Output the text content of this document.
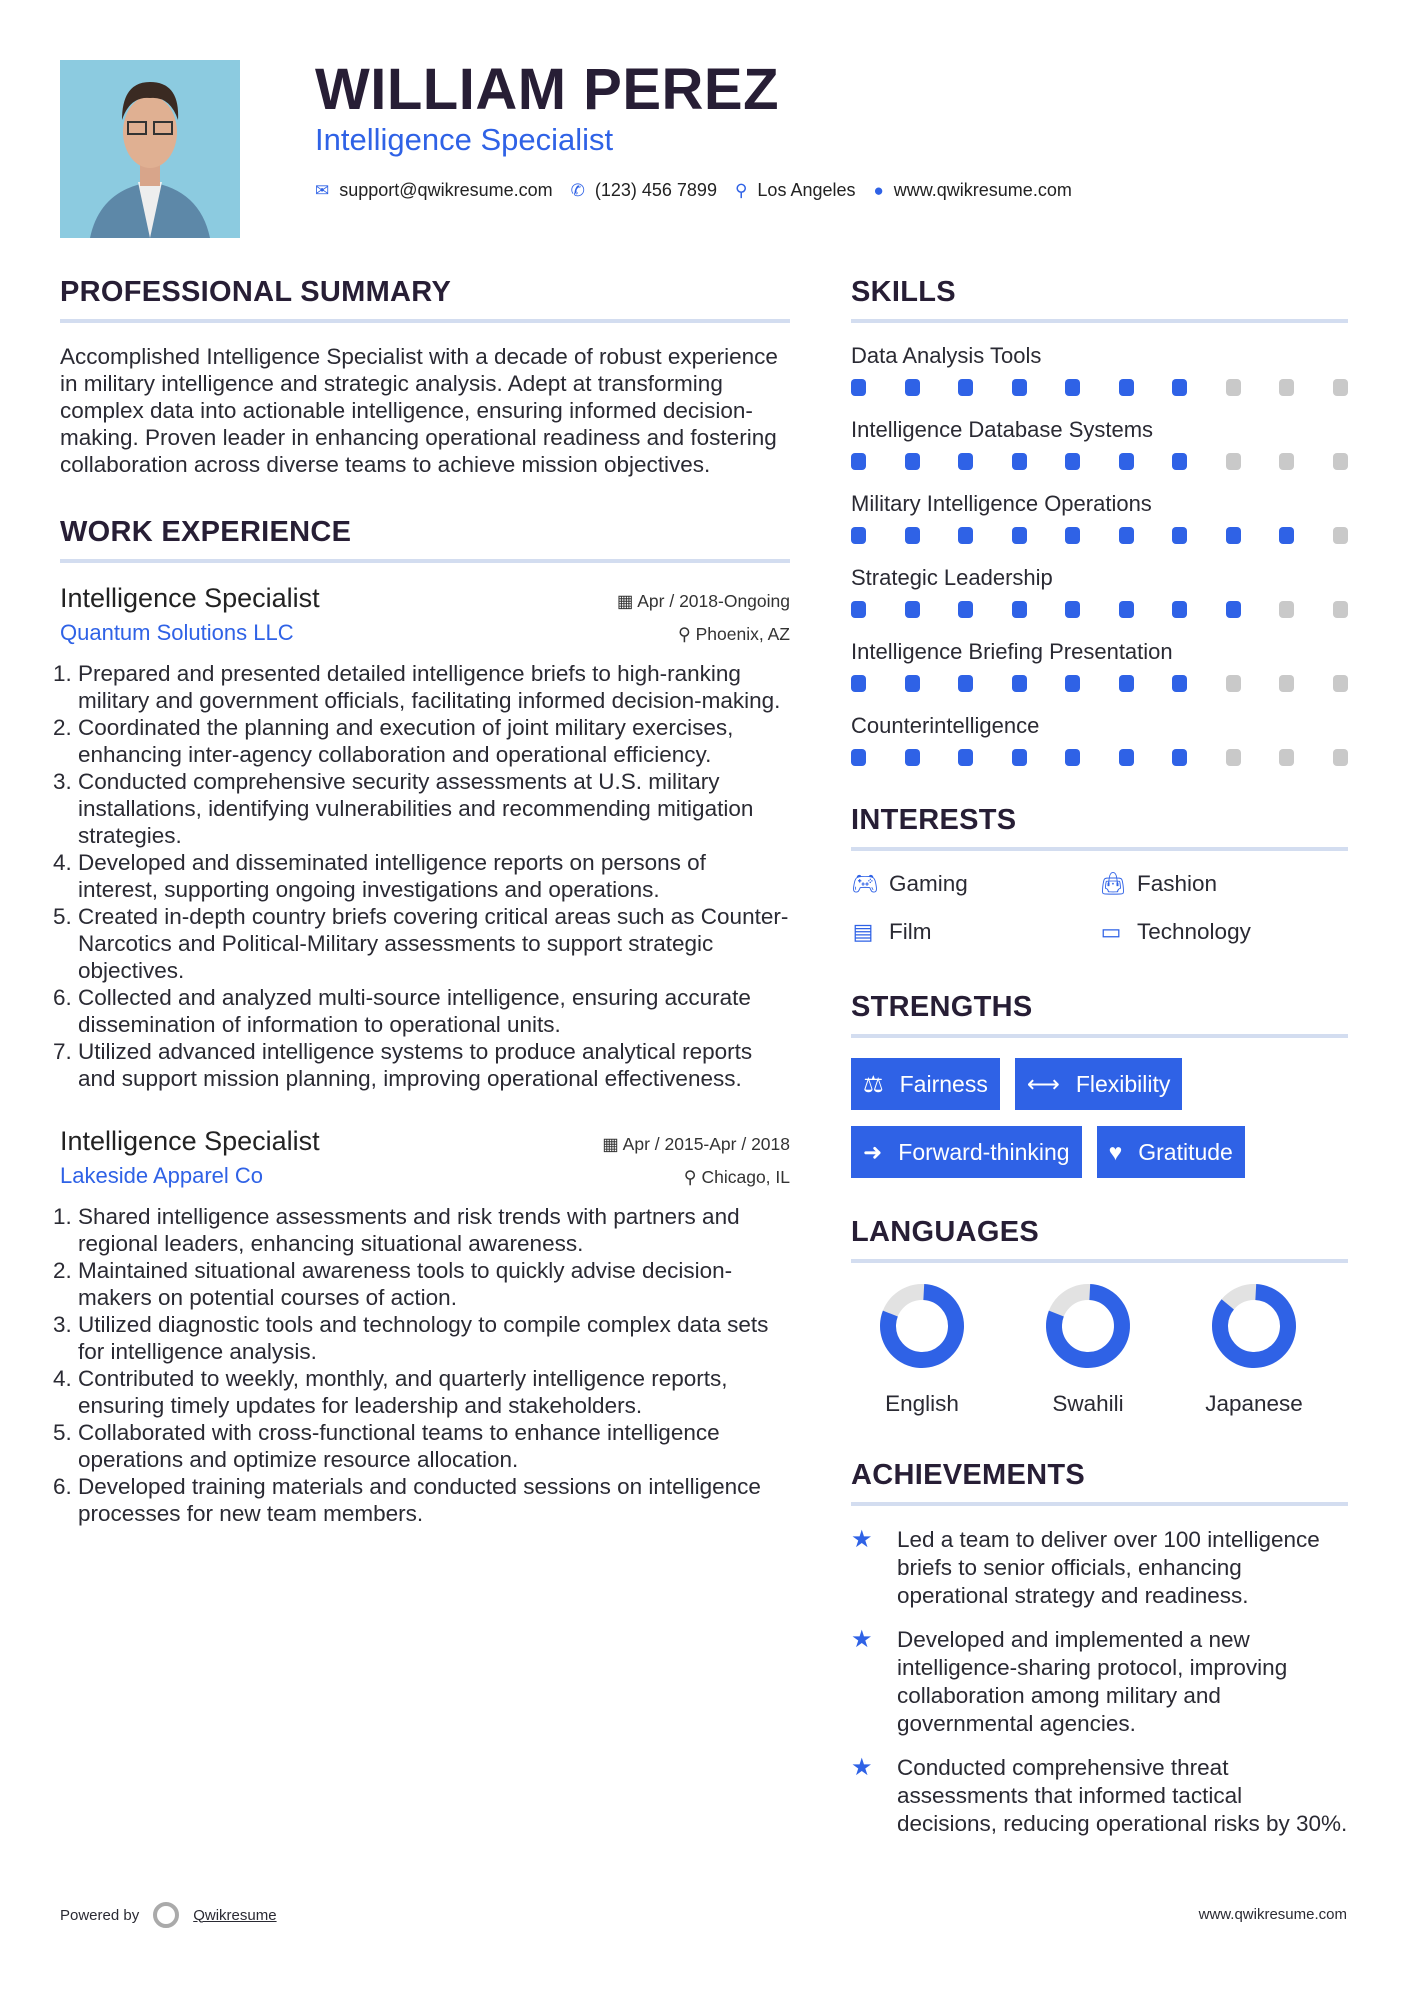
WILLIAM PEREZ
Intelligence Specialist
✉ support@qwikresume.com ✆ (123) 456 7899 ⚲ Los Angeles ● www.qwikresume.com
PROFESSIONAL SUMMARY

Accomplished Intelligence Specialist with a decade of robust experience in military intelligence and strategic analysis. Adept at transforming complex data into actionable intelligence, ensuring informed decision-making. Proven leader in enhancing operational readiness and fostering collaboration across diverse teams to achieve mission objectives.

WORK EXPERIENCE
Intelligence Specialist	▦ Apr / 2018-Ongoing
Quantum Solutions LLC	⚲ Phoenix, AZ
1. Prepared and presented detailed intelligence briefs to high-ranking military and government officials, facilitating informed decision-making.
2. Coordinated the planning and execution of joint military exercises, enhancing inter-agency collaboration and operational efficiency.
3. Conducted comprehensive security assessments at U.S. military installations, identifying vulnerabilities and recommending mitigation strategies.
4. Developed and disseminated intelligence reports on persons of interest, supporting ongoing investigations and operations.
5. Created in-depth country briefs covering critical areas such as Counter-Narcotics and Political-Military assessments to support strategic objectives.
6. Collected and analyzed multi-source intelligence, ensuring accurate dissemination of information to operational units.
7. Utilized advanced intelligence systems to produce analytical reports and support mission planning, improving operational effectiveness.
Intelligence Specialist	▦ Apr / 2015-Apr / 2018
Lakeside Apparel Co	⚲ Chicago, IL
1. Shared intelligence assessments and risk trends with partners and regional leaders, enhancing situational awareness.
2. Maintained situational awareness tools to quickly advise decision-makers on potential courses of action.
3. Utilized diagnostic tools and technology to compile complex data sets for intelligence analysis.
4. Contributed to weekly, monthly, and quarterly intelligence reports, ensuring timely updates for leadership and stakeholders.
5. Collaborated with cross-functional teams to enhance intelligence operations and optimize resource allocation.
6. Developed training materials and conducted sessions on intelligence processes for new team members.
SKILLS
Data Analysis Tools
Intelligence Database Systems
Military Intelligence Operations
Strategic Leadership
Intelligence Briefing Presentation
Counterintelligence
INTERESTS
🎮︎ Gaming	👜︎ Fashion
▤ Film	▭ Technology
STRENGTHS
⚖ Fairness ⟷ Flexibility
➜ Forward-thinking ♥ Gratitude
LANGUAGES
English	Swahili	Japanese
ACHIEVEMENTS
★	Led a team to deliver over 100 intelligence briefs to senior officials, enhancing operational strategy and readiness.
★	Developed and implemented a new intelligence-sharing protocol, improving collaboration among military and governmental agencies.
★	Conducted comprehensive threat assessments that informed tactical decisions, reducing operational risks by 30%.
Powered by	Qwikresume	www.qwikresume.com
